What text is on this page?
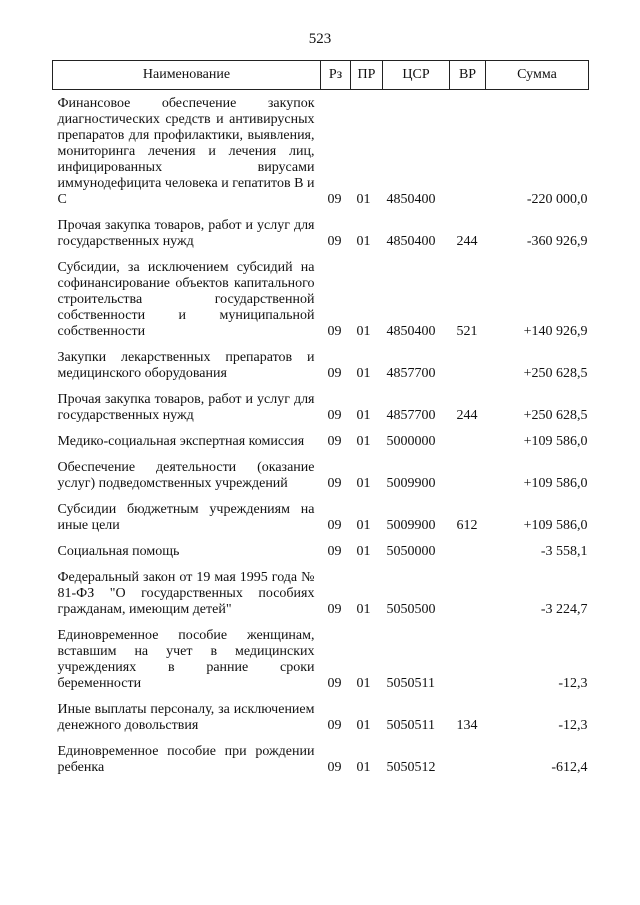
523
Наименование	Рз	ПР	ЦСР	ВР	Сумма
Финансовое обеспечение закупок диагностических средств и антивирусных препаратов для профилактики, выявления, мониторинга лечения и лечения лиц, инфицированных вирусами иммунодефицита человека и гепатитов В и С	09	01	4850400		-220 000,0
Прочая закупка товаров, работ и услуг для государственных нужд	09	01	4850400	244	-360 926,9
Субсидии, за исключением субсидий на софинансирование объектов капитального строительства государственной собственности и муниципальной собственности	09	01	4850400	521	+140 926,9
Закупки лекарственных препаратов и медицинского оборудования	09	01	4857700		+250 628,5
Прочая закупка товаров, работ и услуг для государственных нужд	09	01	4857700	244	+250 628,5
Медико-социальная экспертная комиссия	09	01	5000000		+109 586,0
Обеспечение деятельности (оказание услуг) подведомственных учреждений	09	01	5009900		+109 586,0
Субсидии бюджетным учреждениям на иные цели	09	01	5009900	612	+109 586,0
Социальная помощь	09	01	5050000		-3 558,1
Федеральный закон от 19 мая 1995 года № 81-ФЗ "О государственных пособиях гражданам, имеющим детей"	09	01	5050500		-3 224,7
Единовременное пособие женщинам, вставшим на учет в медицинских учреждениях в ранние сроки беременности	09	01	5050511		-12,3
Иные выплаты персоналу, за исключением денежного довольствия	09	01	5050511	134	-12,3
Единовременное пособие при рождении ребенка	09	01	5050512		-612,4
